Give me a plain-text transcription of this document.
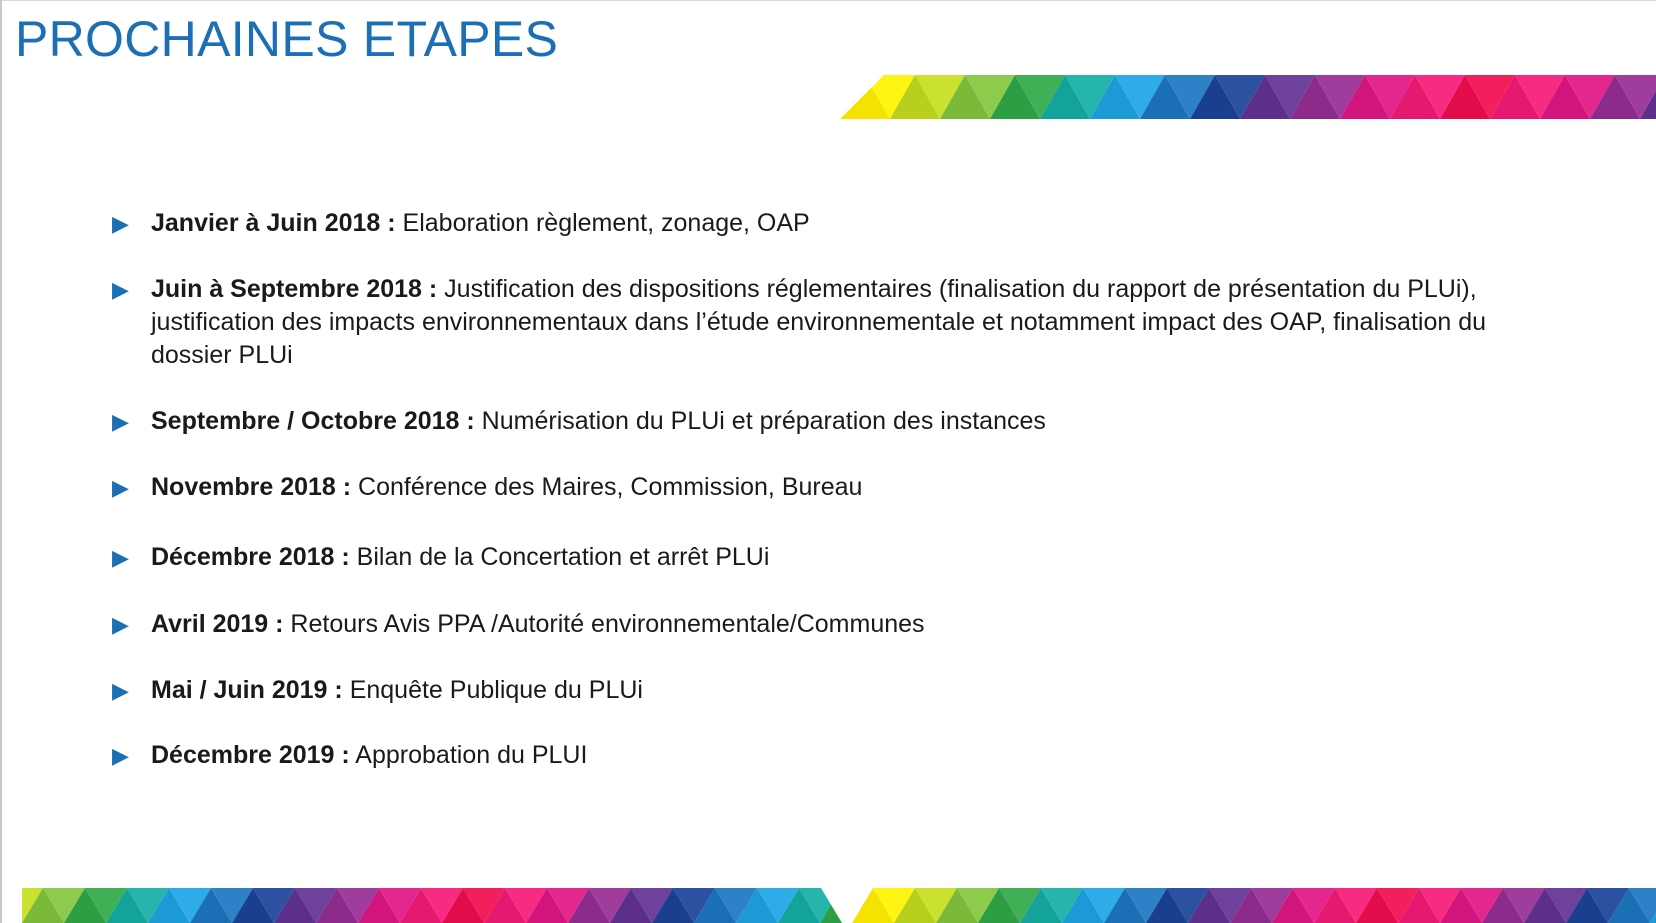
PROCHAINES ETAPES
▶ Janvier à Juin 2018 : Elaboration règlement, zonage, OAP
▶ Juin à Septembre 2018 : Justification des dispositions réglementaires (finalisation du rapport de présentation du PLUi), justification des impacts environnementaux dans l’étude environnementale et notamment impact des OAP, finalisation du dossier PLUi
▶ Septembre / Octobre 2018 : Numérisation du PLUi et préparation des instances
▶ Novembre 2018 : Conférence des Maires, Commission, Bureau
▶ Décembre 2018 : Bilan de la Concertation et arrêt PLUi
▶ Avril 2019 : Retours Avis PPA /Autorité environnementale/Communes
▶ Mai / Juin 2019 : Enquête Publique du PLUi
▶ Décembre 2019 : Approbation du PLUI
